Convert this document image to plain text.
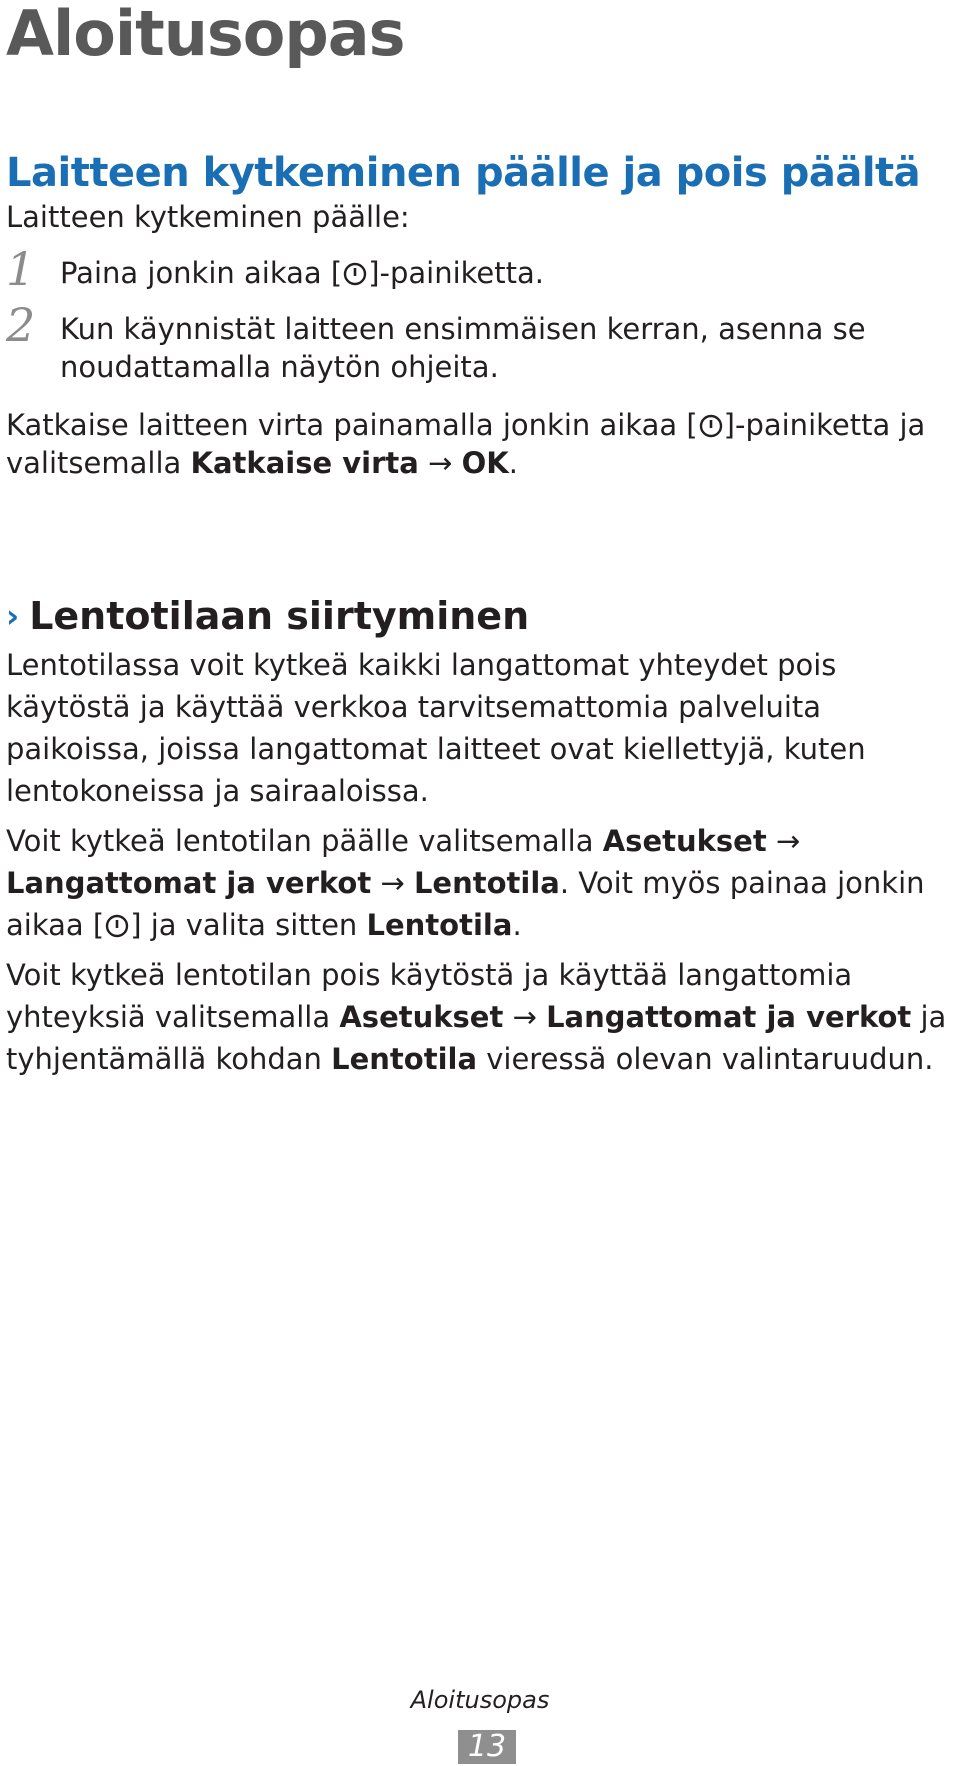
Aloitusopas
Laitteen kytkeminen päälle ja pois päältä

Laitteen kytkeminen päälle:

1 Paina jonkin aikaa [ ]-painiketta.
2 Kun käynnistät laitteen ensimmäisen kerran, asenna se
noudattamalla näytön ohjeita.

Katkaise laitteen virta painamalla jonkin aikaa [ ]-painiketta ja

valitsemalla Katkaise virta → OK.

› Lentotilaan siirtyminen

Lentotilassa voit kytkeä kaikki langattomat yhteydet pois

käytöstä ja käyttää verkkoa tarvitsemattomia palveluita

paikoissa, joissa langattomat laitteet ovat kiellettyjä, kuten

lentokoneissa ja sairaaloissa.

Voit kytkeä lentotilan päälle valitsemalla Asetukset →

Langattomat ja verkot → Lentotila. Voit myös painaa jonkin

aikaa [ ] ja valita sitten Lentotila.

Voit kytkeä lentotilan pois käytöstä ja käyttää langattomia

yhteyksiä valitsemalla Asetukset → Langattomat ja verkot ja

tyhjentämällä kohdan Lentotila vieressä olevan valintaruudun.

Aloitusopas
13
